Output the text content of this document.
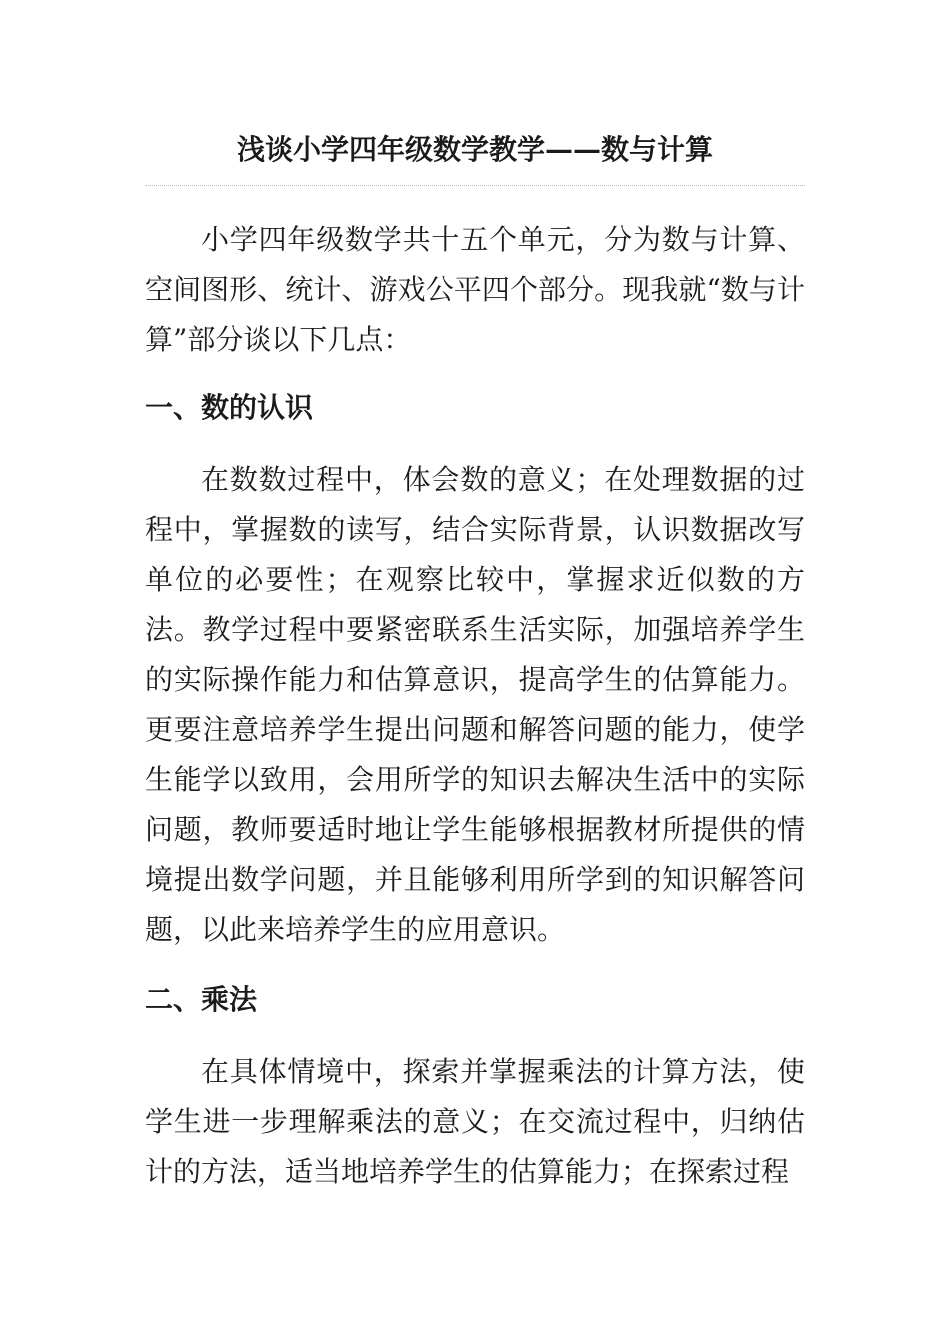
浅谈小学四年级数学教学——数与计算

小学四年级数学共十五个单元，分为数与计算、空间图形、统计、游戏公平四个部分。现我就“数与计算”部分谈以下几点：

一、数的认识

在数数过程中，体会数的意义；在处理数据的过程中，掌握数的读写，结合实际背景，认识数据改写单位的必要性；在观察比较中，掌握求近似数的方法。教学过程中要紧密联系生活实际，加强培养学生的实际操作能力和估算意识，提高学生的估算能力。更要注意培养学生提出问题和解答问题的能力，使学生能学以致用，会用所学的知识去解决生活中的实际问题，教师要适时地让学生能够根据教材所提供的情境提出数学问题，并且能够利用所学到的知识解答问题，以此来培养学生的应用意识。

二、乘法

在具体情境中，探索并掌握乘法的计算方法，使学生进一步理解乘法的意义；在交流过程中，归纳估计的方法，适当地培养学生的估算能力；在探索过程
